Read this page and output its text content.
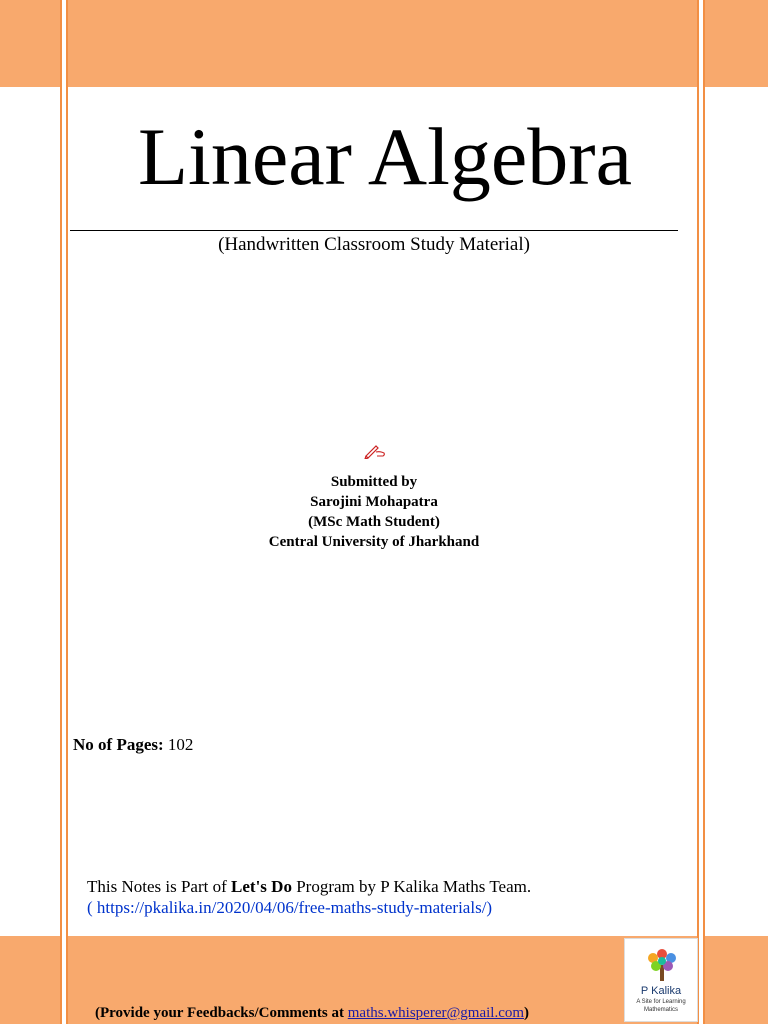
Linear Algebra
(Handwritten Classroom Study Material)
Submitted by
Sarojini Mohapatra
(MSc Math Student)
Central University of Jharkhand
No of Pages: 102
This Notes is Part of Let's Do Program by P Kalika Maths Team.
( https://pkalika.in/2020/04/06/free-maths-study-materials/)
(Provide your Feedbacks/Comments at maths.whisperer@gmail.com)
P Kalika
A Site for Learning Mathematics
